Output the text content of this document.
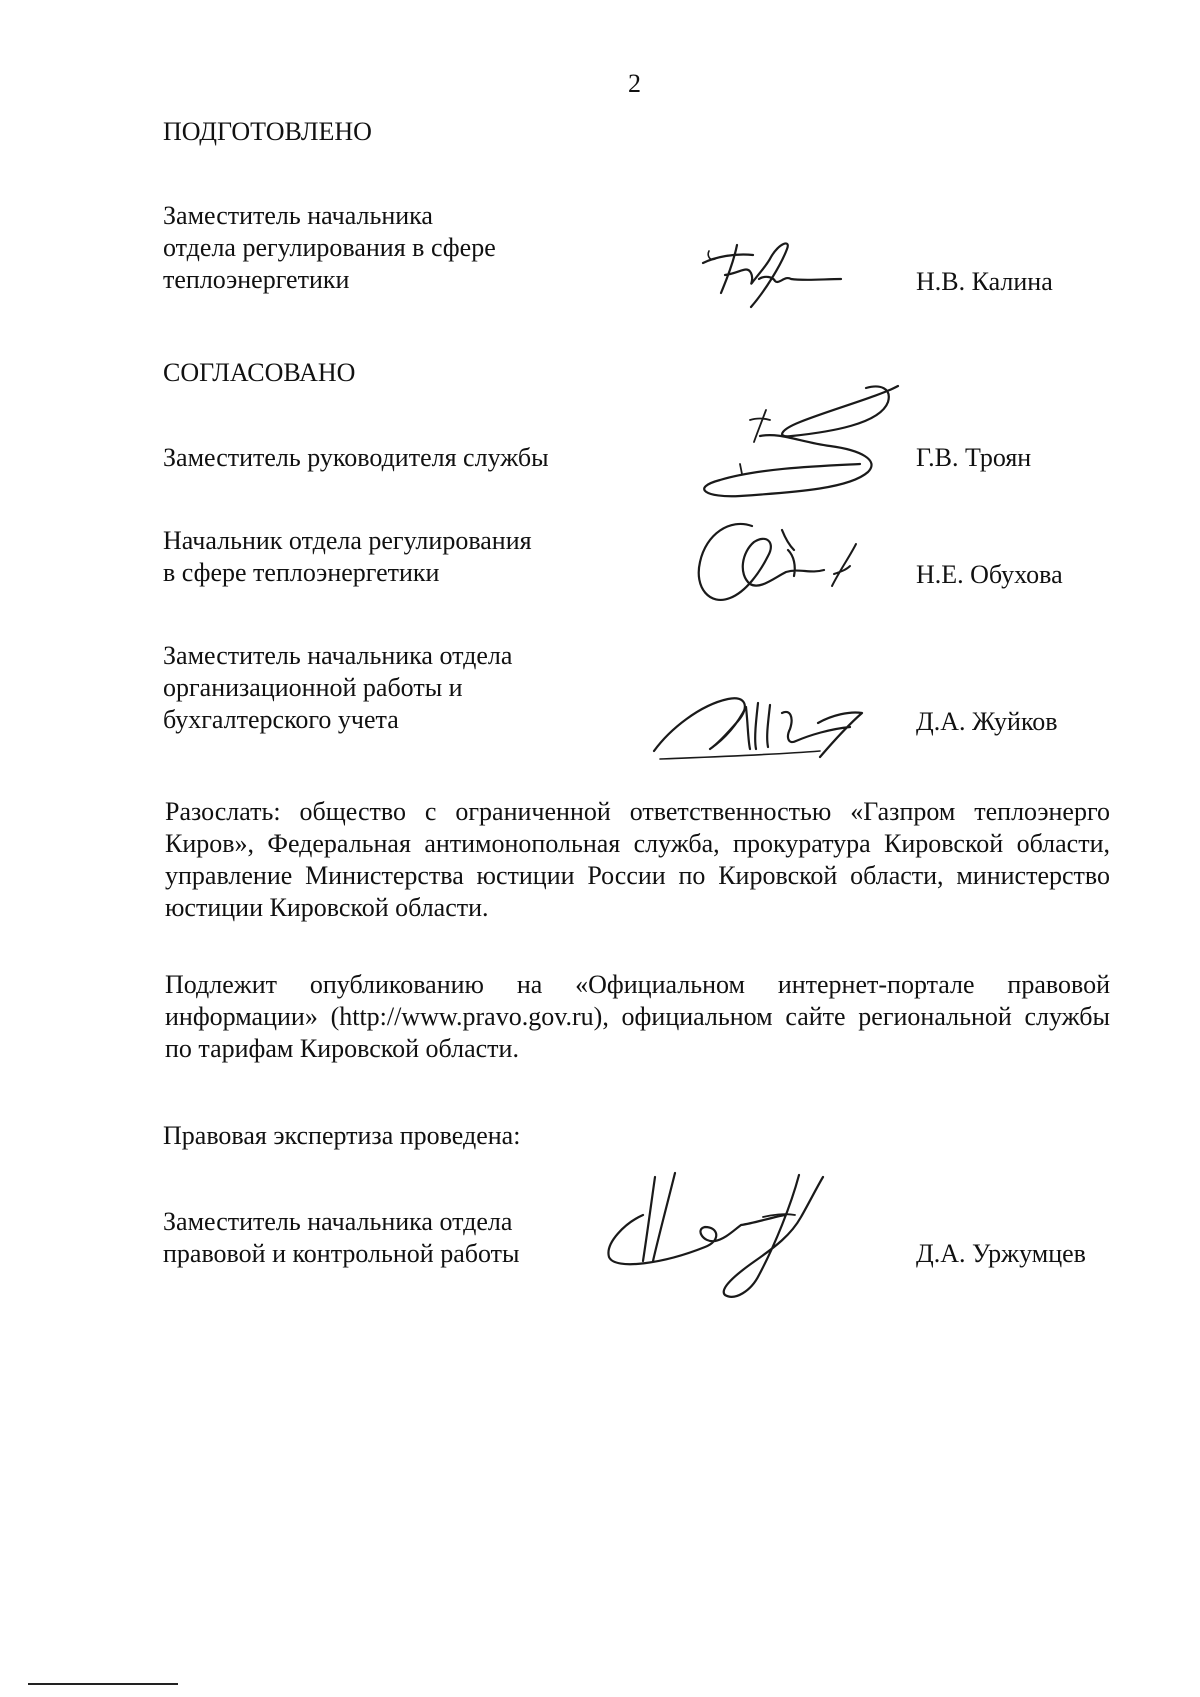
2
ПОДГОТОВЛЕНО
Заместитель начальника
отдела регулирования в сфере
теплоэнергетики	Н.В. Калина
СОГЛАСОВАНО
Заместитель руководителя службы	Г.В. Троян
Начальник отдела регулирования
в сфере теплоэнергетики	Н.Е. Обухова
Заместитель начальника отдела
организационной работы и
бухгалтерского учета	Д.А. Жуйков

Разослать: общество с ограниченной ответственностью «Газпром теплоэнерго Киров», Федеральная антимонопольная служба, прокуратура Кировской области, управление Министерства юстиции России по Кировской области, министерство юстиции Кировской области.

Подлежит опубликованию на «Официальном интернет-портале правовой информации» (http://www.pravo.gov.ru), официальном сайте региональной службы по тарифам Кировской области.

Правовая экспертиза проведена:
Заместитель начальника отдела
правовой и контрольной работы	Д.А. Уржумцев
